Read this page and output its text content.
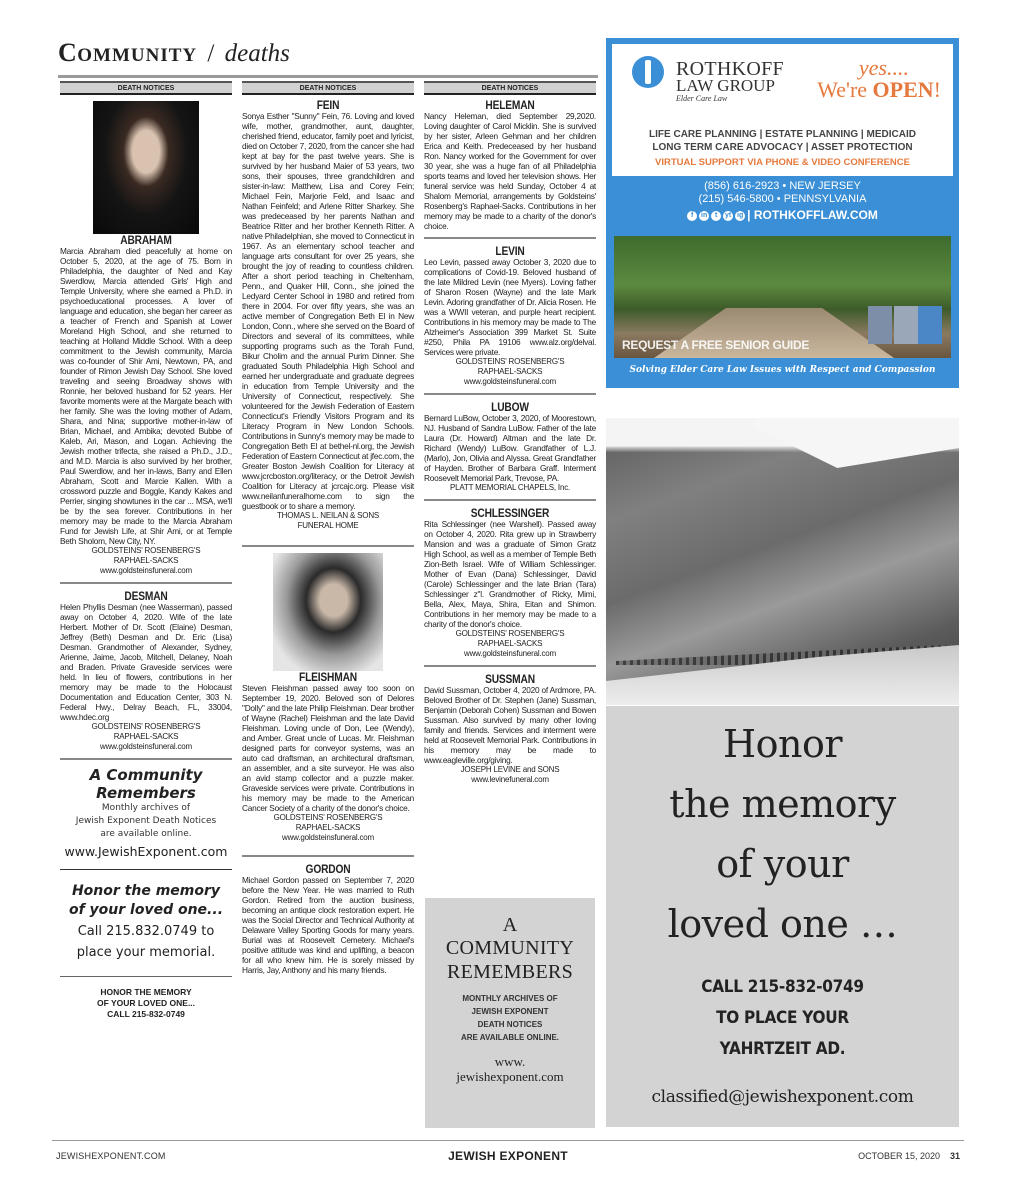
COMMUNITY / deaths
DEATH NOTICES
ABRAHAM
Marcia Abraham died peacefully at home on October 5, 2020, at the age of 75. Born in Philadelphia, the daughter of Ned and Kay Swerdlow, Marcia attended Girls' High and Temple University, where she earned a Ph.D. in psychoeducational processes. A lover of language and education, she began her career as a teacher of French and Spanish at Lower Moreland High School, and she returned to teaching at Holland Middle School. With a deep commitment to the Jewish community, Marcia was co-founder of Shir Ami, Newtown, PA, and founder of Rimon Jewish Day School. She loved traveling and seeing Broadway shows with Ronnie, her beloved husband for 52 years. Her favorite moments were at the Margate beach with her family. She was the loving mother of Adam, Shara, and Nina; supportive mother-in-law of Brian, Michael, and Ambika; devoted Bubbe of Kaleb, Ari, Mason, and Logan. Achieving the Jewish mother trifecta, she raised a Ph.D., J.D., and M.D. Marcia is also survived by her brother, Paul Swerdlow, and her in-laws, Barry and Ellen Abraham, Scott and Marcie Kallen. With a crossword puzzle and Boggle, Kandy Kakes and Perrier, singing showtunes in the car ... MSA, we'll be by the sea forever. Contributions in her memory may be made to the Marcia Abraham Fund for Jewish Life, at Shir Ami, or at Temple Beth Sholom, New City, NY.
GOLDSTEINS' ROSENBERG'S
RAPHAEL-SACKS
www.goldsteinsfuneral.com
DESMAN
Helen Phyllis Desman (nee Wasserman), passed away on October 4, 2020. Wife of the late Herbert. Mother of Dr. Scott (Elaine) Desman, Jeffrey (Beth) Desman and Dr. Eric (Lisa) Desman. Grandmother of Alexander, Sydney, Arienne, Jaime, Jacob, Mitchell, Delaney, Noah and Braden. Private Graveside services were held. In lieu of flowers, contributions in her memory may be made to the Holocaust Documentation and Education Center, 303 N. Federal Hwy., Delray Beach, FL, 33004, www.hdec.org
GOLDSTEINS' ROSENBERG'S
RAPHAEL-SACKS
www.goldsteinsfuneral.com
A Community
Remembers
Monthly archives of
Jewish Exponent Death Notices
are available online.
www.JewishExponent.com
Honor the memory
of your loved one...
Call 215.832.0749 to
place your memorial.
HONOR THE MEMORY
OF YOUR LOVED ONE...
CALL 215-832-0749
DEATH NOTICES
FEIN
Sonya Esther "Sunny" Fein, 76. Loving and loved wife, mother, grandmother, aunt, daughter, cherished friend, educator, family poet and lyricist, died on October 7, 2020, from the cancer she had kept at bay for the past twelve years. She is survived by her husband Maier of 53 years, two sons, their spouses, three grandchildren and sister-in-law: Matthew, Lisa and Corey Fein; Michael Fein, Marjorie Feld, and Isaac and Nathan Feinfeld; and Arlene Ritter Sharkey. She was predeceased by her parents Nathan and Beatrice Ritter and her brother Kenneth Ritter. A native Philadelphian, she moved to Connecticut in 1967. As an elementary school teacher and language arts consultant for over 25 years, she brought the joy of reading to countless children. After a short period teaching in Cheltenham, Penn., and Quaker Hill, Conn., she joined the Ledyard Center School in 1980 and retired from there in 2004. For over fifty years, she was an active member of Congregation Beth El in New London, Conn., where she served on the Board of Directors and several of its committees, while supporting programs such as the Torah Fund, Bikur Cholim and the annual Purim Dinner. She graduated South Philadelphia High School and earned her undergraduate and graduate degrees in education from Temple University and the University of Connecticut, respectively. She volunteered for the Jewish Federation of Eastern Connecticut's Friendly Visitors Program and its Literacy Program in New London Schools. Contributions in Sunny's memory may be made to Congregation Beth El at bethel-nl.org, the Jewish Federation of Eastern Connecticut at jfec.com, the Greater Boston Jewish Coalition for Literacy at www.jcrcboston.org/literacy, or the Detroit Jewish Coalition for Literacy at jcrcajc.org. Please visit www.neilanfuneralhome.com to sign the guestbook or to share a memory.
THOMAS L. NEILAN & SONS
FUNERAL HOME
FLEISHMAN
Steven Fleishman passed away too soon on September 19, 2020. Beloved son of Delores "Dolly" and the late Philip Fleishman. Dear brother of Wayne (Rachel) Fleishman and the late David Fleishman. Loving uncle of Don, Lee (Wendy), and Amber. Great uncle of Lucas. Mr. Fleishman designed parts for conveyor systems, was an auto cad draftsman, an architectural draftsman, an assembler, and a site surveyor. He was also an avid stamp collector and a puzzle maker. Graveside services were private. Contributions in his memory may be made to the American Cancer Society of a charity of the donor's choice.
GOLDSTEINS' ROSENBERG'S
RAPHAEL-SACKS
www.goldsteinsfuneral.com
GORDON
Michael Gordon passed on September 7, 2020 before the New Year. He was married to Ruth Gordon. Retired from the auction business, becoming an antique clock restoration expert. He was the Social Director and Technical Authority at Delaware Valley Sporting Goods for many years. Burial was at Roosevelt Cemetery. Michael's positive attitude was kind and uplifting, a beacon for all who knew him. He is sorely missed by Harris, Jay, Anthony and his many friends.
DEATH NOTICES
HELEMAN
Nancy Heleman, died September 29,2020. Loving daughter of Carol Micklin. She is survived by her sister, Arleen Gehman and her children Erica and Keith. Predeceased by her husband Ron. Nancy worked for the Government for over 30 year, she was a huge fan of all Philadelphia sports teams and loved her television shows. Her funeral service was held Sunday, October 4 at Shalom Memorial, arrangements by Goldsteins' Rosenberg's Raphael-Sacks. Contributions in her memory may be made to a charity of the donor's choice.
LEVIN
Leo Levin, passed away October 3, 2020 due to complications of Covid-19. Beloved husband of the late Mildred Levin (nee Myers). Loving father of Sharon Rosen (Wayne) and the late Mark Levin. Adoring grandfather of Dr. Alicia Rosen. He was a WWII veteran, and purple heart recipient. Contributions in his memory may be made to The Alzheimer's Association 399 Market St. Suite #250, Phila PA 19106 www.alz.org/delval. Services were private.
GOLDSTEINS' ROSENBERG'S
RAPHAEL-SACKS
www.goldsteinsfuneral.com
LUBOW
Bernard LuBow, October 3, 2020, of Moorestown, NJ. Husband of Sandra LuBow. Father of the late Laura (Dr. Howard) Altman and the late Dr. Richard (Wendy) LuBow. Grandfather of L.J. (Marlo), Jon, Olivia and Alyssa. Great Grandfather of Hayden. Brother of Barbara Graff. Interment Roosevelt Memorial Park, Trevose, PA.
PLATT MEMORIAL CHAPELS, Inc.
SCHLESSINGER
Rita Schlessinger (nee Warshell). Passed away on October 4, 2020. Rita grew up in Strawberry Mansion and was a graduate of Simon Gratz High School, as well as a member of Temple Beth Zion-Beth Israel. Wife of William Schlessinger. Mother of Evan (Dana) Schlessinger, David (Carole) Schlessinger and the late Brian (Tara) Schlessinger z"l. Grandmother of Ricky, Mimi, Bella, Alex, Maya, Shira, Eitan and Shimon. Contributions in her memory may be made to a charity of the donor's choice.
GOLDSTEINS' ROSENBERG'S
RAPHAEL-SACKS
www.goldsteinsfuneral.com
SUSSMAN
David Sussman, October 4, 2020 of Ardmore, PA. Beloved Brother of Dr. Stephen (Jane) Sussman, Benjamin (Deborah Cohen) Sussman and Bowen Sussman. Also survived by many other loving family and friends. Services and interment were held at Roosevelt Memorial Park. Contributions in his memory may be made to www.eagleville.org/giving.
JOSEPH LEVINE and SONS
www.levinefuneral.com
A
COMMUNITY
REMEMBERS
MONTHLY ARCHIVES OF
JEWISH EXPONENT
DEATH NOTICES
ARE AVAILABLE ONLINE.
www.
jewishexponent.com
ROTHKOFF
LAW GROUP
Elder Care Law
yes....
We're OPEN!
LIFE CARE PLANNING | ESTATE PLANNING | MEDICAID
LONG TERM CARE ADVOCACY | ASSET PROTECTION
VIRTUAL SUPPORT VIA PHONE & VIDEO CONFERENCE
(856) 616-2923 • NEW JERSEY
(215) 546-5800 • PENNSYLVANIA
f	in	t	yt ig | ROTHKOFFLAW.COM
REQUEST A FREE SENIOR GUIDE
Solving Elder Care Law Issues with Respect and Compassion
Honor
the memory
of your
loved one …
CALL 215-832-0749
TO PLACE YOUR
YAHRTZEIT AD.
classified@jewishexponent.com
JEWISHEXPONENT.COM	JEWISH EXPONENT	OCTOBER 15, 2020 31
